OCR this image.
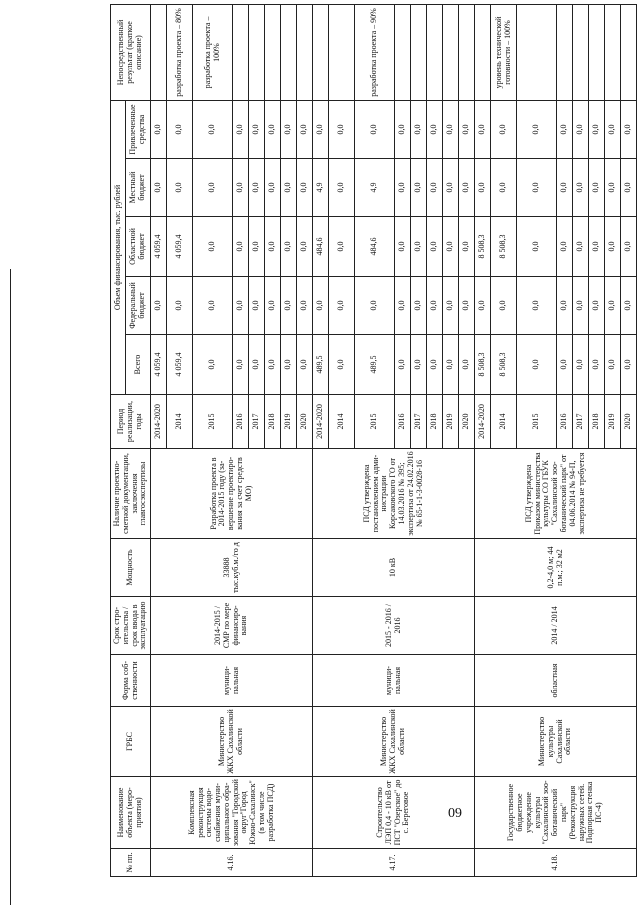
60
№ пп.	Наименование объекта (мероприятия)	ГРБС	Форма собственности	Срок строительства / срок ввода в эксплуатацию	Мощность	Наличие проектно-сметной документации, заключения главгосэкспертизы	Период реализации, годы	Объем финансирования, тыс. рублей					Непосредственный результат (краткое описание)
								Всего	Федеральный бюджет	Областной бюджет	Местный бюджет	Привлеченные средства	
4.16.	Комплексная реконструкция системы водоснабжения муниципального образования "Городской округ"Город Южно-Сахалинск"(в том числе разработка ПСД)	Министерство ЖКХ Сахалинской области	муниципальная	2014-2015 / СМР по мере финансирования	33888 тыс.куб.м./го д	Разработка проекта в 2014-2015 году (завершение проектирования за счет средств МО)	2014-2020	4 059,4	0,0	4 059,4	0,0	0,0	
							2014	4 059,4	0,0	4 059,4	0,0	0,0	разработка проекта – 80%
							2015	0,0	0,0	0,0	0,0	0,0	разработка проекта – 100%
							2016	0,0	0,0	0,0	0,0	0,0	
							2017	0,0	0,0	0,0	0,0	0,0	
							2018	0,0	0,0	0,0	0,0	0,0	
							2019	0,0	0,0	0,0	0,0	0,0	
							2020	0,0	0,0	0,0	0,0	0,0	
4.17.	Строительство ЛЭП 0,4 - 10 кВ от ПСТ "Озерское" до с. Береговое	Министерство ЖКХ Сахалинской области	муниципальная	2015 - 2016 / 2016	10 кВ	ПСД утверждена постановлением администрации Корсаковского ГО от 14.03.2016 № 395; экспертиза от 24.02.2016 № 65-1-1-3-0028-16	2014-2020	489,5	0,0	484,6	4,9	0,0	
							2014	0,0	0,0	0,0	0,0	0,0	
							2015	489,5	0,0	484,6	4,9	0,0	разработка проекта – 90%
							2016	0,0	0,0	0,0	0,0	0,0	
							2017	0,0	0,0	0,0	0,0	0,0	
							2018	0,0	0,0	0,0	0,0	0,0	
							2019	0,0	0,0	0,0	0,0	0,0	
							2020	0,0	0,0	0,0	0,0	0,0	
4.18.	Государственное бюджетное учреждение культуры "Сахалинский зооботанический парк" (Реконструкция наружных сетей. Подпорная стенка ПС-4)	Министерство культуры Сахалинской области	областная	2014 / 2014	0,2-4,0 м; 44 п.м.; 32 м2	ПСД утверждена Приказом министерства культуры СО ГБУК "Сахалинский зооботанический парк" от 04.06.2014 № 94-П, экспертиза не требуется	2014-2020	8 508,3	0,0	8 508,3	0,0	0,0	
							2014	8 508,3	0,0	8 508,3	0,0	0,0	уровень технической готовности – 100%
							2015	0,0	0,0	0,0	0,0	0,0	
							2016	0,0	0,0	0,0	0,0	0,0	
							2017	0,0	0,0	0,0	0,0	0,0	
							2018	0,0	0,0	0,0	0,0	0,0	
							2019	0,0	0,0	0,0	0,0	0,0	
							2020	0,0	0,0	0,0	0,0	0,0	
